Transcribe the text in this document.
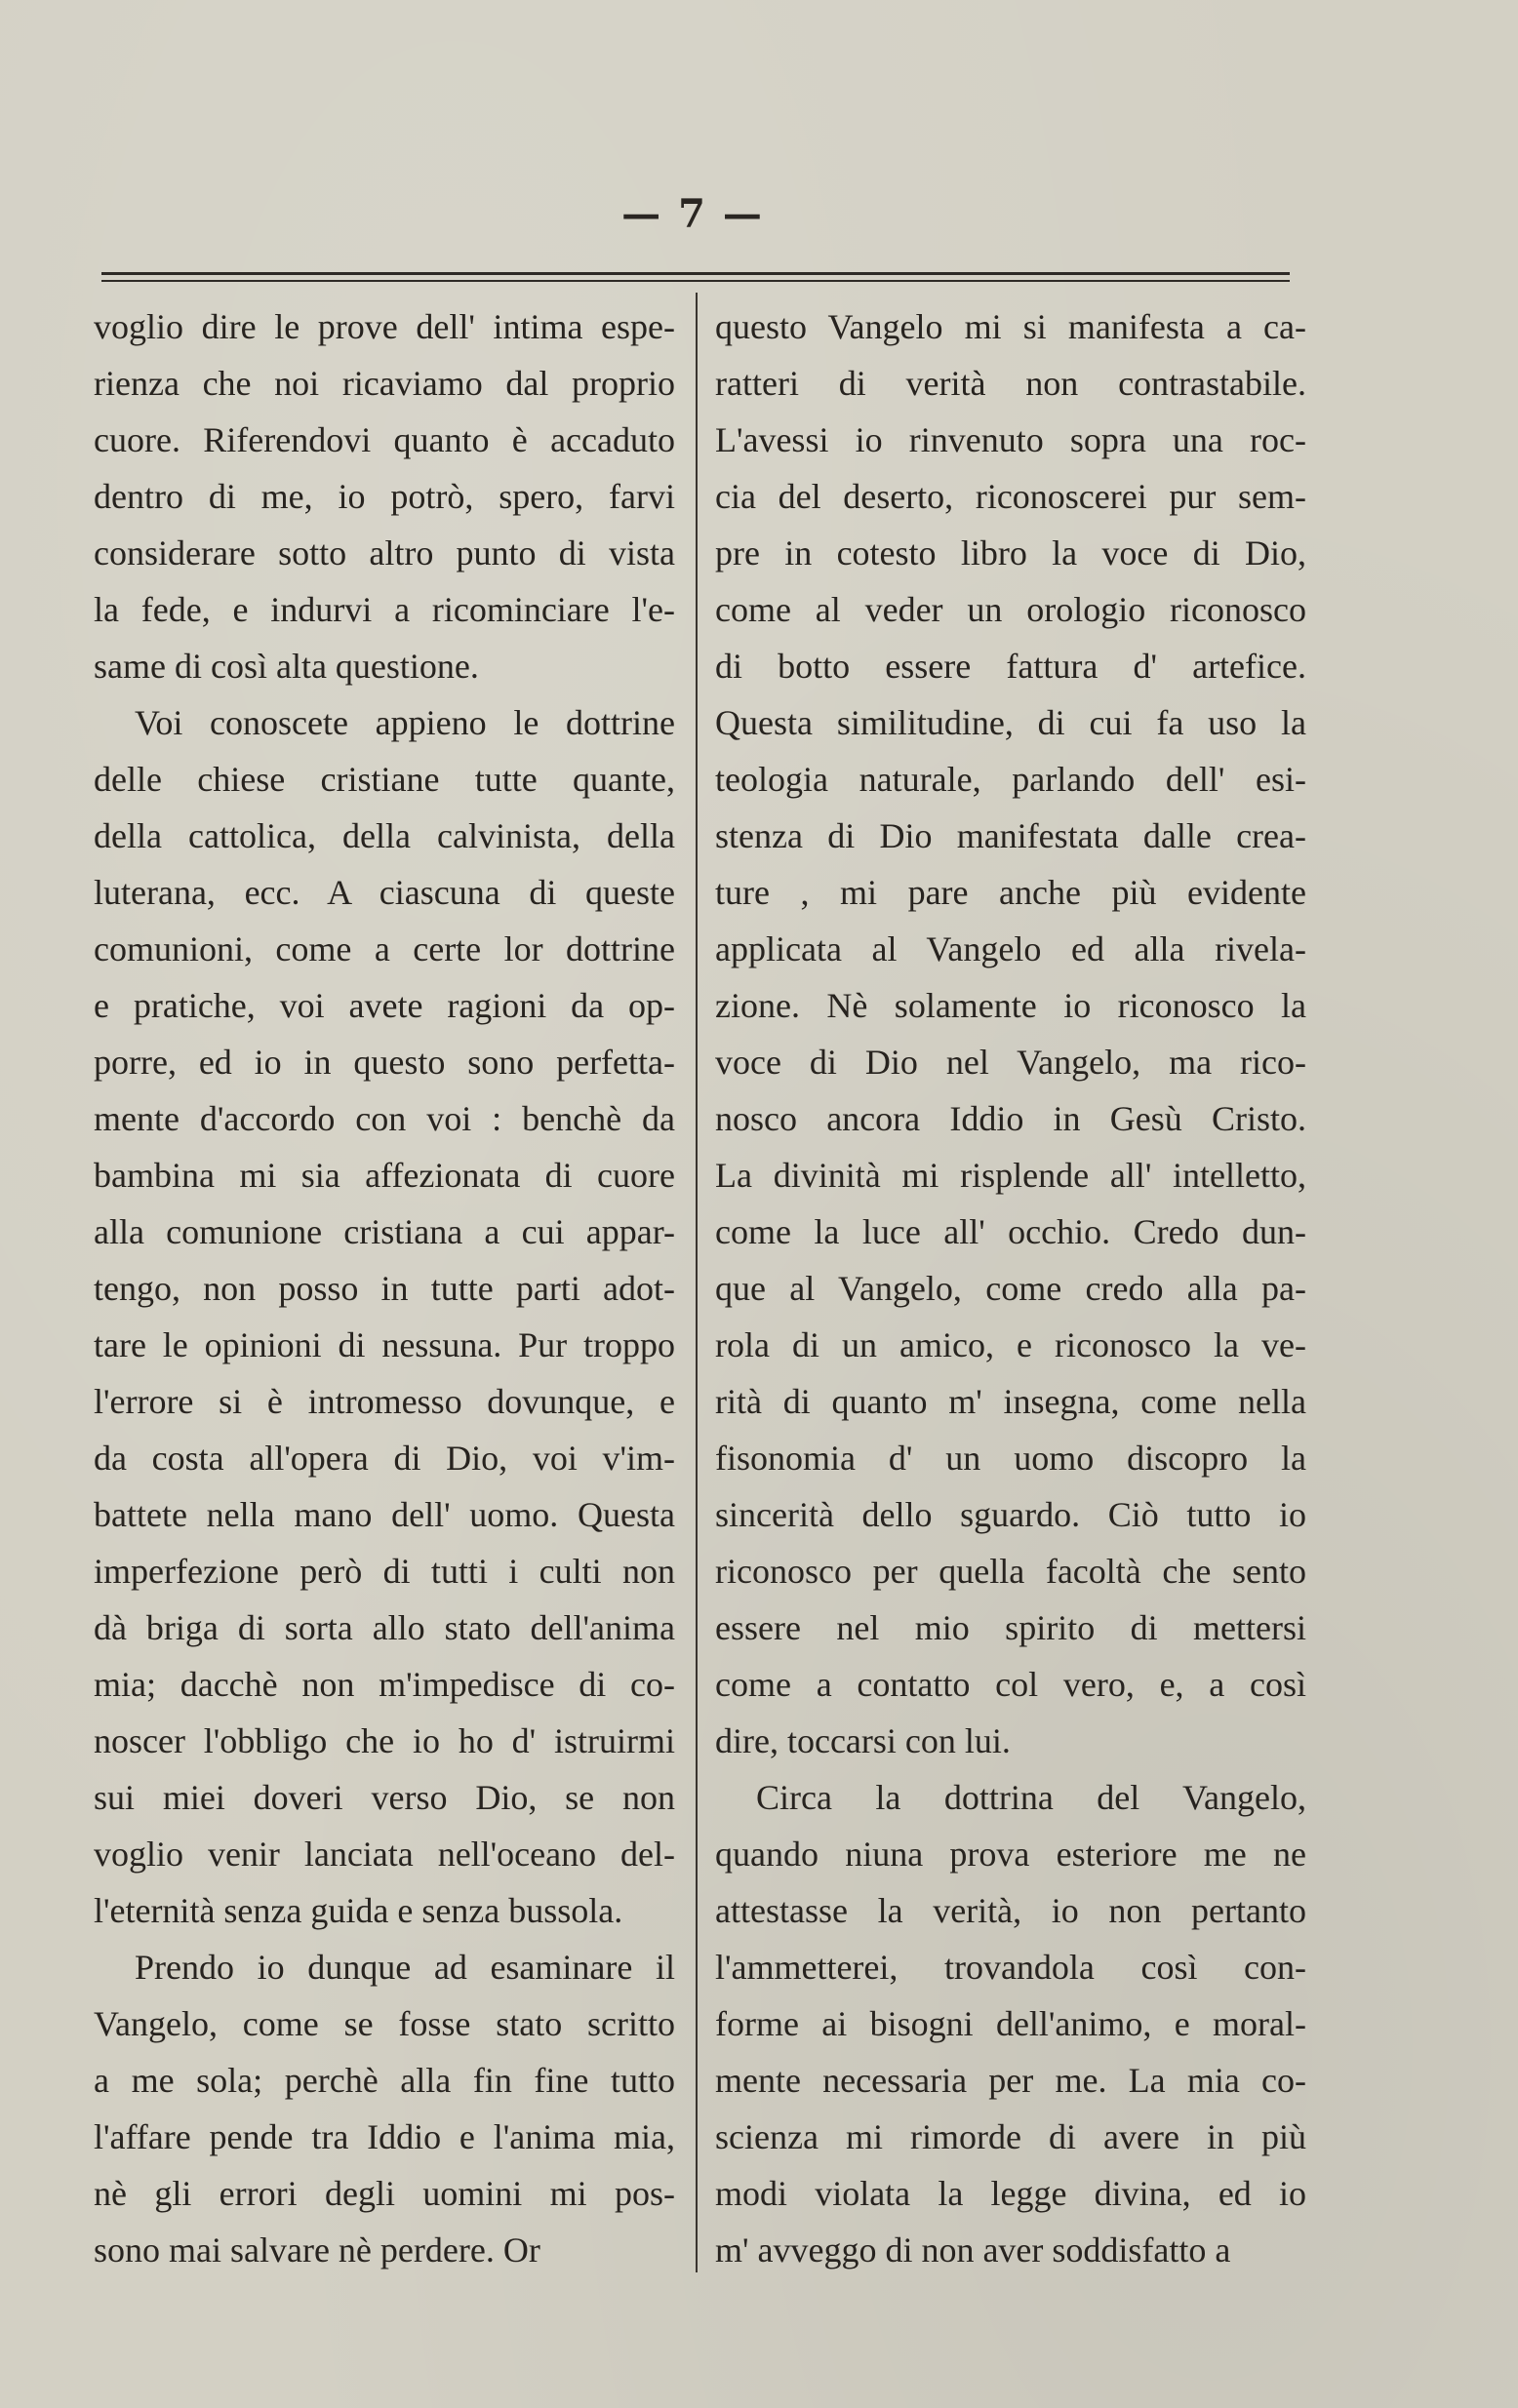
— 7 —
voglio dire le prove dell' intima espe-
rienza che noi ricaviamo dal proprio
cuore. Riferendovi quanto è accaduto
dentro di me, io potrò, spero, farvi
considerare sotto altro punto di vista
la fede, e indurvi a ricominciare l'e-
same di così alta questione.
Voi conoscete appieno le dottrine
delle chiese cristiane tutte quante,
della cattolica, della calvinista, della
luterana, ecc. A ciascuna di queste
comunioni, come a certe lor dottrine
e pratiche, voi avete ragioni da op-
porre, ed io in questo sono perfetta-
mente d'accordo con voi : benchè da
bambina mi sia affezionata di cuore
alla comunione cristiana a cui appar-
tengo, non posso in tutte parti adot-
tare le opinioni di nessuna. Pur troppo
l'errore si è intromesso dovunque, e
da costa all'opera di Dio, voi v'im-
battete nella mano dell' uomo. Questa
imperfezione però di tutti i culti non
dà briga di sorta allo stato dell'anima
mia; dacchè non m'impedisce di co-
noscer l'obbligo che io ho d' istruirmi
sui miei doveri verso Dio, se non
voglio venir lanciata nell'oceano del-
l'eternità senza guida e senza bussola.
Prendo io dunque ad esaminare il
Vangelo, come se fosse stato scritto
a me sola; perchè alla fin fine tutto
l'affare pende tra Iddio e l'anima mia,
nè gli errori degli uomini mi pos-
sono mai salvare nè perdere. Or
questo Vangelo mi si manifesta a ca-
ratteri di verità non contrastabile.
L'avessi io rinvenuto sopra una roc-
cia del deserto, riconoscerei pur sem-
pre in cotesto libro la voce di Dio,
come al veder un orologio riconosco
di botto essere fattura d' artefice.
Questa similitudine, di cui fa uso la
teologia naturale, parlando dell' esi-
stenza di Dio manifestata dalle crea-
ture , mi pare anche più evidente
applicata al Vangelo ed alla rivela-
zione. Nè solamente io riconosco la
voce di Dio nel Vangelo, ma rico-
nosco ancora Iddio in Gesù Cristo.
La divinità mi risplende all' intelletto,
come la luce all' occhio. Credo dun-
que al Vangelo, come credo alla pa-
rola di un amico, e riconosco la ve-
rità di quanto m' insegna, come nella
fisonomia d' un uomo discopro la
sincerità dello sguardo. Ciò tutto io
riconosco per quella facoltà che sento
essere nel mio spirito di mettersi
come a contatto col vero, e, a così
dire, toccarsi con lui.
Circa la dottrina del Vangelo,
quando niuna prova esteriore me ne
attestasse la verità, io non pertanto
l'ammetterei, trovandola così con-
forme ai bisogni dell'animo, e moral-
mente necessaria per me. La mia co-
scienza mi rimorde di avere in più
modi violata la legge divina, ed io
m' avveggo di non aver soddisfatto a
